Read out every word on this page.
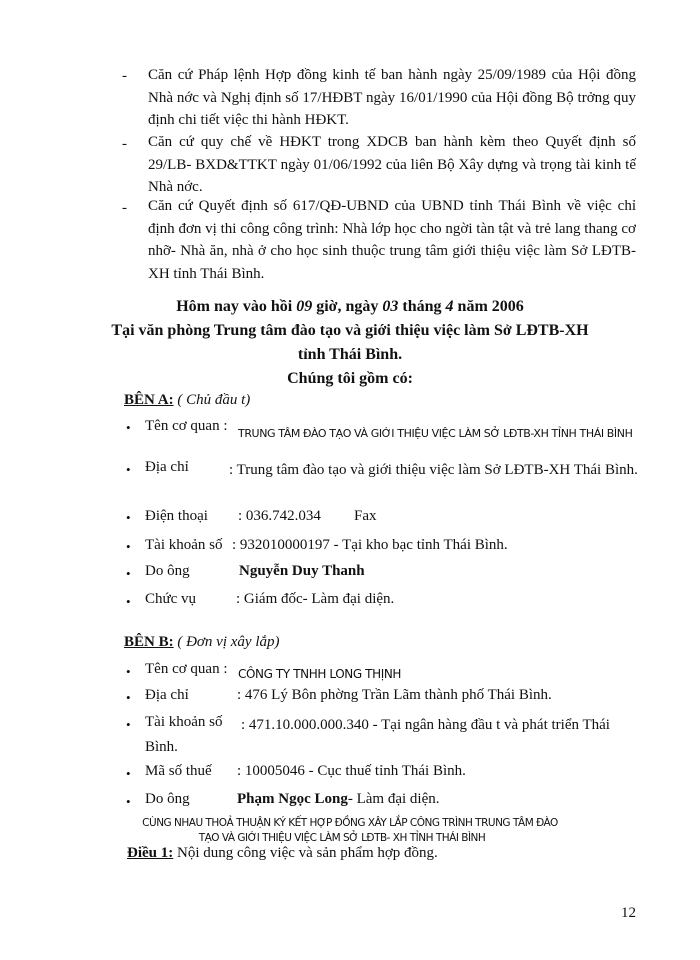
- Căn cứ Pháp lệnh Hợp đồng kinh tế ban hành ngày 25/09/1989 của Hội đồng Nhà nớc và Nghị định số 17/HĐBT ngày 16/01/1990 của Hội đồng Bộ trởng quy định chi tiết việc thi hành HĐKT.
- Căn cứ quy chế về HĐKT trong XDCB ban hành kèm theo Quyết định số 29/LB- BXD&TTKT ngày 01/06/1992 của liên Bộ Xây dựng và trọng tài kinh tế Nhà nớc.
- Căn cứ Quyết định số 617/QĐ-UBND của UBND tỉnh Thái Bình về việc chỉ định đơn vị thi công công trình: Nhà lớp học cho ngời tàn tật và trẻ lang thang cơ nhỡ- Nhà ăn, nhà ở cho học sinh thuộc trung tâm giới thiệu việc làm Sở LĐTB- XH tỉnh Thái Bình.
Hôm nay vào hồi 09 giờ, ngày 03 tháng 4 năm 2006
Tại văn phòng Trung tâm đào tạo và giới thiệu việc làm Sở LĐTB-XH
tỉnh Thái Bình.
Chúng tôi gồm có:
BÊN A: ( Chủ đầu t)
• Tên cơ quan : TRUNG TÂM ĐÀO TẠO VÀ GIỚI THIỆU VIỆC LÀM SỞ LĐTB-XH TỈNH THÁI BÌNH
• Địa chỉ	: Trung tâm đào tạo và giới thiệu việc làm Sở LĐTB-XH Thái Bình.
• Điện thoại : 036.742.034 Fax
• Tài khoản số : 932010000197 - Tại kho bạc tỉnh Thái Bình.
• Do ông	Nguyễn Duy Thanh
• Chức vụ	: Giám đốc- Làm đại diện.
BÊN B: ( Đơn vị xây lắp)
• Tên cơ quan : CÔNG TY TNHH LONG THỊNH
• Địa chỉ	: 476 Lý Bôn phờng Trần Lãm thành phố Thái Bình.
• Tài khoản số	: 471.10.000.000.340 - Tại ngân hàng đầu t và phát triển Thái Bình.
• Mã số thuế : 10005046 - Cục thuế tỉnh Thái Bình.
• Do ông	Phạm Ngọc Long- Làm đại diện.
CÙNG NHAU THOẢ THUẬN KÝ KẾT HỢP ĐỒNG XÂY LẮP CÔNG TRÌNH TRUNG TÂM ĐÀO
TẠO VÀ GIỚI THIỆU VIỆC LÀM SỞ LĐTB- XH TỈNH THÁI BÌNH
Điều 1: Nội dung công việc và sản phẩm hợp đồng.
12
